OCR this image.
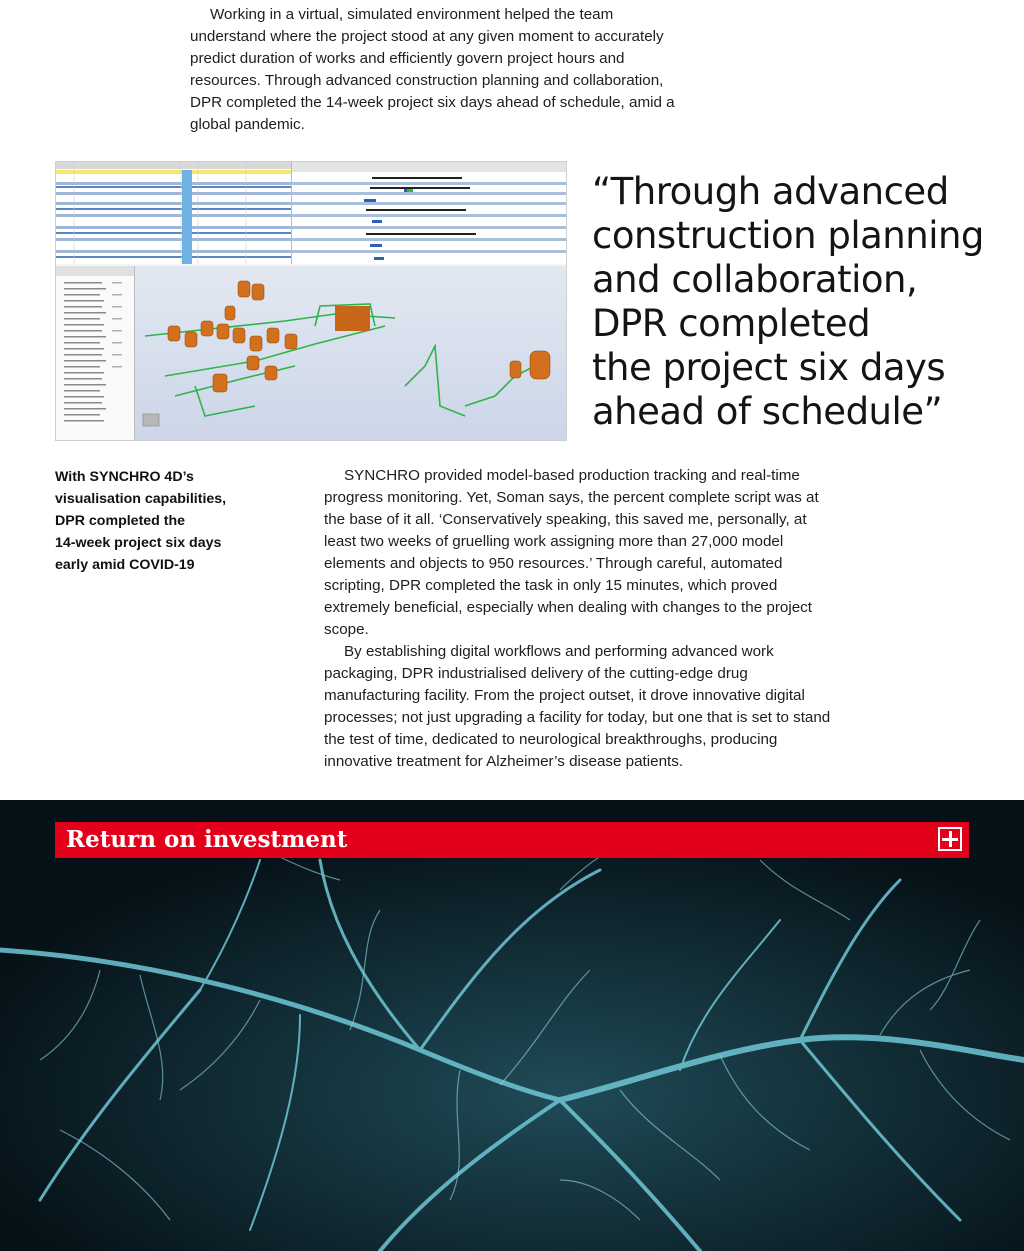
Working in a virtual, simulated environment helped the team understand where the project stood at any given moment to accurately predict duration of works and efficiently govern project hours and resources. Through advanced construction planning and collaboration, DPR completed the 14-week project six days ahead of schedule, amid a global pandemic.

“Through advanced
construction planning
and collaboration,
DPR completed
the project six days
ahead of schedule”
With SYNCHRO 4D’s
visualisation capabilities,
DPR completed the
14-week project six days
early amid COVID-19

SYNCHRO provided model-based production tracking and real-time progress monitoring. Yet, Soman says, the percent complete script was at the base of it all. ‘Conservatively speaking, this saved me, personally, at least two weeks of gruelling work assigning more than 27,000 model elements and objects to 950 resources.’ Through careful, automated scripting, DPR completed the task in only 15 minutes, which proved extremely beneficial, especially when dealing with changes to the project scope.

By establishing digital workflows and performing advanced work packaging, DPR industrialised delivery of the cutting-edge drug manufacturing facility. From the project outset, it drove innovative digital processes; not just upgrading a facility for today, but one that is set to stand the test of time, dedicated to neurological breakthroughs, producing innovative treatment for Alzheimer’s disease patients.

Return on investment
